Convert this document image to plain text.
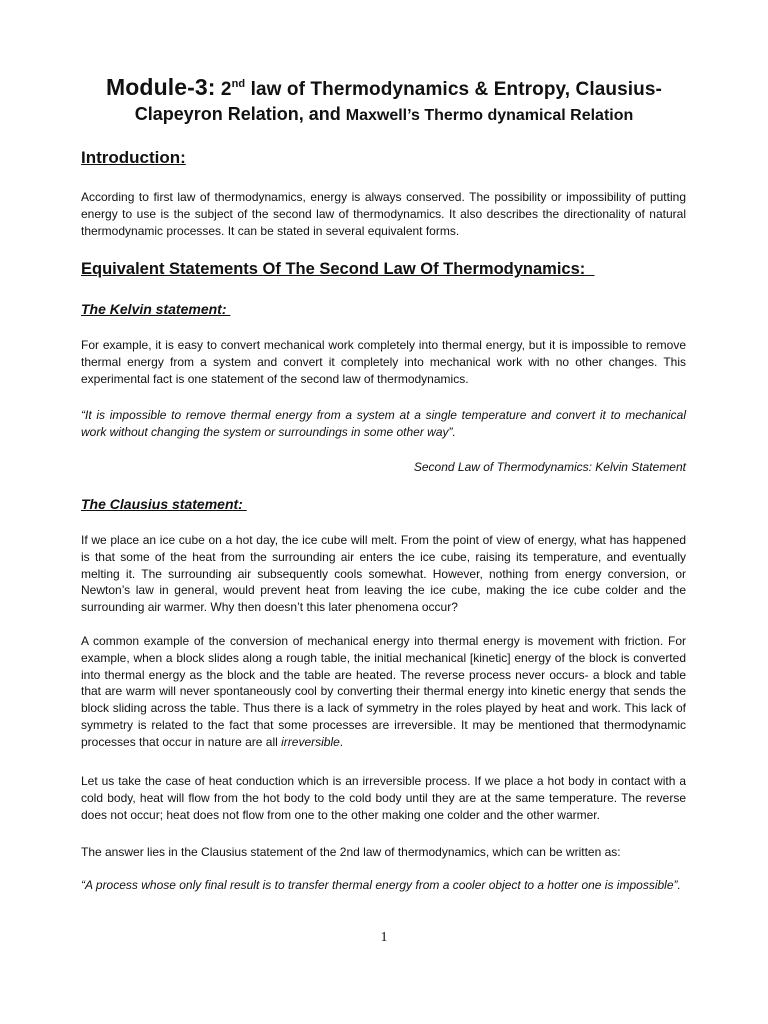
Module-3: 2nd law of Thermodynamics & Entropy, Clausius-
Clapeyron Relation, and Maxwell’s Thermo dynamical Relation
Introduction:

According to first law of thermodynamics, energy is always conserved. The possibility or impossibility of putting energy to use is the subject of the second law of thermodynamics. It also describes the directionality of natural thermodynamic processes. It can be stated in several equivalent forms.

Equivalent Statements Of The Second Law Of Thermodynamics:
The Kelvin statement:

For example, it is easy to convert mechanical work completely into thermal energy, but it is impossible to remove thermal energy from a system and convert it completely into mechanical work with no other changes. This experimental fact is one statement of the second law of thermodynamics.

“It is impossible to remove thermal energy from a system at a single temperature and convert it to mechanical work without changing the system or surroundings in some other way”.

Second Law of Thermodynamics: Kelvin Statement
The Clausius statement:

If we place an ice cube on a hot day, the ice cube will melt. From the point of view of energy, what has happened is that some of the heat from the surrounding air enters the ice cube, raising its temperature, and eventually melting it. The surrounding air subsequently cools somewhat. However, nothing from energy conversion, or Newton’s law in general, would prevent heat from leaving the ice cube, making the ice cube colder and the surrounding air warmer. Why then doesn’t this later phenomena occur?

A common example of the conversion of mechanical energy into thermal energy is movement with friction. For example, when a block slides along a rough table, the initial mechanical [kinetic] energy of the block is converted into thermal energy as the block and the table are heated. The reverse process never occurs- a block and table that are warm will never spontaneously cool by converting their thermal energy into kinetic energy that sends the block sliding across the table. Thus there is a lack of symmetry in the roles played by heat and work. This lack of symmetry is related to the fact that some processes are irreversible. It may be mentioned that thermodynamic processes that occur in nature are all irreversible.

Let us take the case of heat conduction which is an irreversible process. If we place a hot body in contact with a cold body, heat will flow from the hot body to the cold body until they are at the same temperature. The reverse does not occur; heat does not flow from one to the other making one colder and the other warmer.

The answer lies in the Clausius statement of the 2nd law of thermodynamics, which can be written as:

“A process whose only final result is to transfer thermal energy from a cooler object to a hotter one is impossible”.

1
